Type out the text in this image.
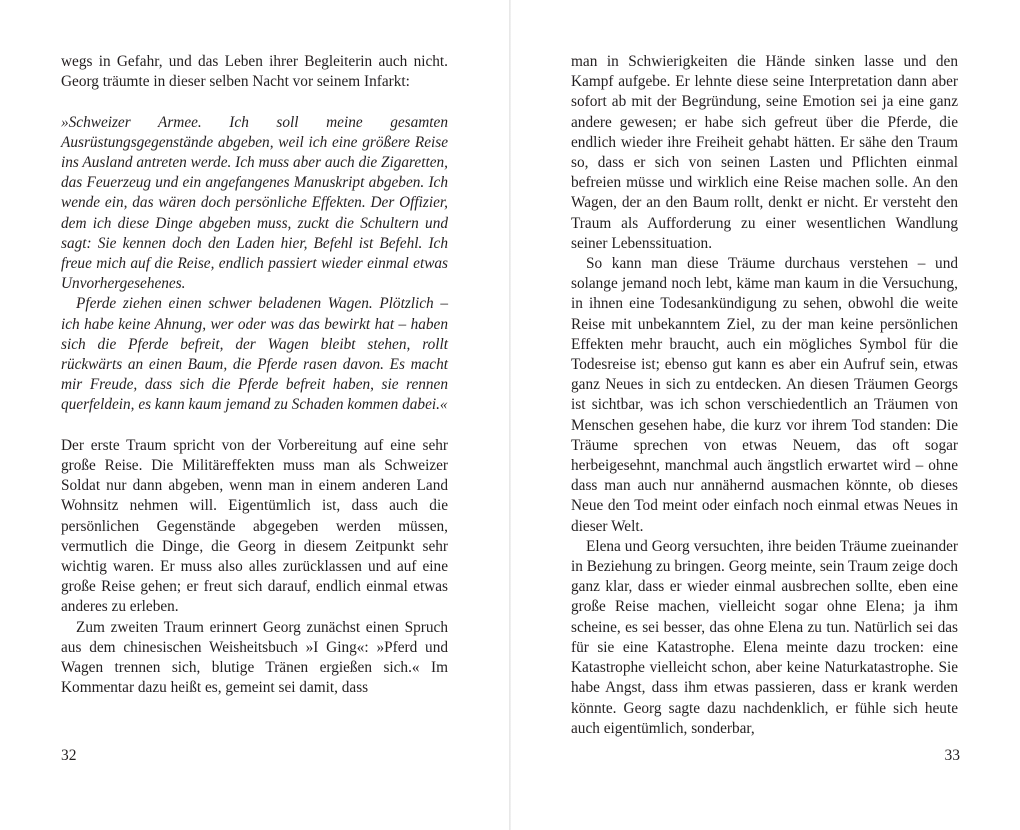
wegs in Gefahr, und das Leben ihrer Begleiterin auch nicht. Georg träumte in dieser selben Nacht vor seinem Infarkt:

»Schweizer Armee. Ich soll meine gesamten Ausrüstungsgegenstände abgeben, weil ich eine größere Reise ins Ausland antreten werde. Ich muss aber auch die Zigaretten, das Feuerzeug und ein angefangenes Manuskript abgeben. Ich wende ein, das wären doch persönliche Effekten. Der Offizier, dem ich diese Dinge abgeben muss, zuckt die Schultern und sagt: Sie kennen doch den Laden hier, Befehl ist Befehl. Ich freue mich auf die Reise, endlich passiert wieder einmal etwas Unvorhergesehenes.

Pferde ziehen einen schwer beladenen Wagen. Plötzlich – ich habe keine Ahnung, wer oder was das bewirkt hat – haben sich die Pferde befreit, der Wagen bleibt stehen, rollt rückwärts an einen Baum, die Pferde rasen davon. Es macht mir Freude, dass sich die Pferde befreit haben, sie rennen querfeldein, es kann kaum jemand zu Schaden kommen dabei.«

Der erste Traum spricht von der Vorbereitung auf eine sehr große Reise. Die Militäreffekten muss man als Schweizer Soldat nur dann abgeben, wenn man in einem anderen Land Wohnsitz nehmen will. Eigentümlich ist, dass auch die persönlichen Gegenstände abgegeben werden müssen, vermutlich die Dinge, die Georg in diesem Zeitpunkt sehr wichtig waren. Er muss also alles zurücklassen und auf eine große Reise gehen; er freut sich darauf, endlich einmal etwas anderes zu erleben.

Zum zweiten Traum erinnert Georg zunächst einen Spruch aus dem chinesischen Weisheitsbuch »I Ging«: »Pferd und Wagen trennen sich, blutige Tränen ergießen sich.« Im Kommentar dazu heißt es, gemeint sei damit, dass

32

man in Schwierigkeiten die Hände sinken lasse und den Kampf aufgebe. Er lehnte diese seine Interpretation dann aber sofort ab mit der Begründung, seine Emotion sei ja eine ganz andere gewesen; er habe sich gefreut über die Pferde, die endlich wieder ihre Freiheit gehabt hätten. Er sähe den Traum so, dass er sich von seinen Lasten und Pflichten einmal befreien müsse und wirklich eine Reise machen solle. An den Wagen, der an den Baum rollt, denkt er nicht. Er versteht den Traum als Aufforderung zu einer wesentlichen Wandlung seiner Lebenssituation.

So kann man diese Träume durchaus verstehen – und solange jemand noch lebt, käme man kaum in die Versuchung, in ihnen eine Todesankündigung zu sehen, obwohl die weite Reise mit unbekanntem Ziel, zu der man keine persönlichen Effekten mehr braucht, auch ein mögliches Symbol für die Todesreise ist; ebenso gut kann es aber ein Aufruf sein, etwas ganz Neues in sich zu entdecken. An diesen Träumen Georgs ist sichtbar, was ich schon verschiedentlich an Träumen von Menschen gesehen habe, die kurz vor ihrem Tod standen: Die Träume sprechen von etwas Neuem, das oft sogar herbeigesehnt, manchmal auch ängstlich erwartet wird – ohne dass man auch nur annähernd ausmachen könnte, ob dieses Neue den Tod meint oder einfach noch einmal etwas Neues in dieser Welt.

Elena und Georg versuchten, ihre beiden Träume zueinander in Beziehung zu bringen. Georg meinte, sein Traum zeige doch ganz klar, dass er wieder einmal ausbrechen sollte, eben eine große Reise machen, vielleicht sogar ohne Elena; ja ihm scheine, es sei besser, das ohne Elena zu tun. Natürlich sei das für sie eine Katastrophe. Elena meinte dazu trocken: eine Katastrophe vielleicht schon, aber keine Naturkatastrophe. Sie habe Angst, dass ihm etwas passieren, dass er krank werden könnte. Georg sagte dazu nachdenklich, er fühle sich heute auch eigentümlich, sonderbar,

33
